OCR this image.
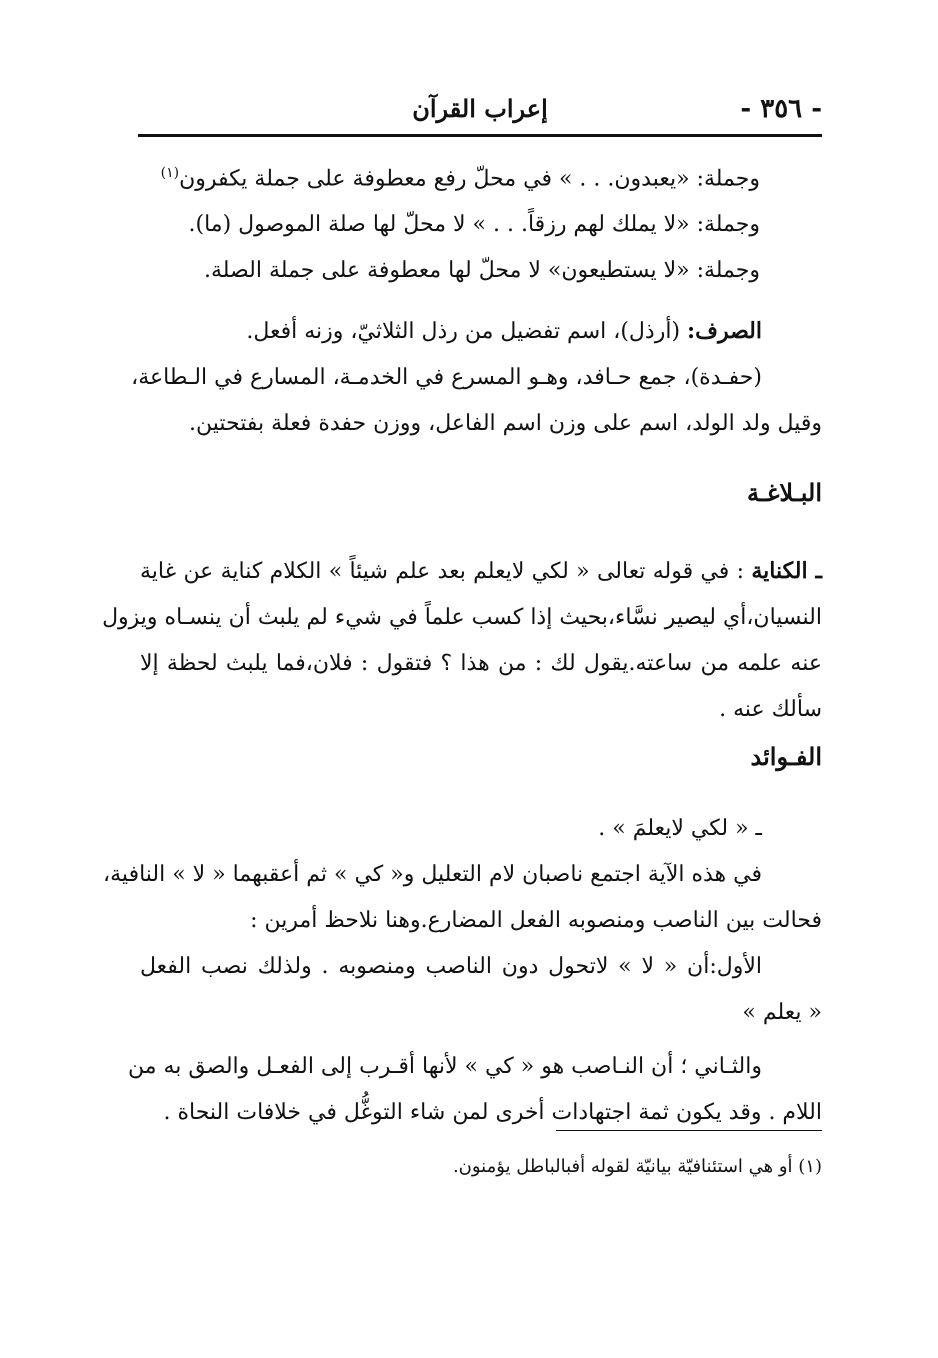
- ٣٥٦ -
إعراب القرآن
وجملة: «يعبدون. . . » في محلّ رفع معطوفة على جملة يكفرون$^{(١)}$
وجملة: «لا يملك لهم رزقاً. . . » لا محلّ لها صلة الموصول (ما).
وجملة: «لا يستطيعون» لا محلّ لها معطوفة على جملة الصلة.
الصرف: (أرذل)، اسم تفضيل من رذل الثلاثيّ، وزنه أفعل.
(حفـدة)، جمع حـافد، وهـو المسرع في الخدمـة، المسارع في الـطاعة،
وقيل ولد الولد، اسم على وزن اسم الفاعل، ووزن حفدة فعلة بفتحتين.
البـلاغـة
ـ الكناية : في قوله تعالى « لكي لايعلم بعد علم شيئاً » الكلام كناية عن غاية
النسيان،أي ليصير نسَّاء،بحيث إذا كسب علماً في شيء لم يلبث أن ينسـاه ويزول
عنه علمه من ساعته.يقول لك : من هذا ؟ فتقول : فلان،فما يلبث لحظة إلا
سألك عنه .
الفـوائد
ـ « لكي لايعلمَ » .
في هذه الآية اجتمع ناصبان لام التعليل و« كي » ثم أعقبهما « لا » النافية،
فحالت بين الناصب ومنصوبه الفعل المضارع.وهنا نلاحظ أمرين :
الأول:أن « لا » لاتحول دون الناصب ومنصوبه . ولذلك نصب الفعل
« يعلم »
والثـاني ؛ أن النـاصب هو « كي » لأنها أقـرب إلى الفعـل والصق به من
اللام . وقد يكون ثمة اجتهادات أخرى لمن شاء التوغُّل في خلافات النحاة .
(١) أو هي استئنافيّة بيانيّة لقوله أفبالباطل يؤمنون.
